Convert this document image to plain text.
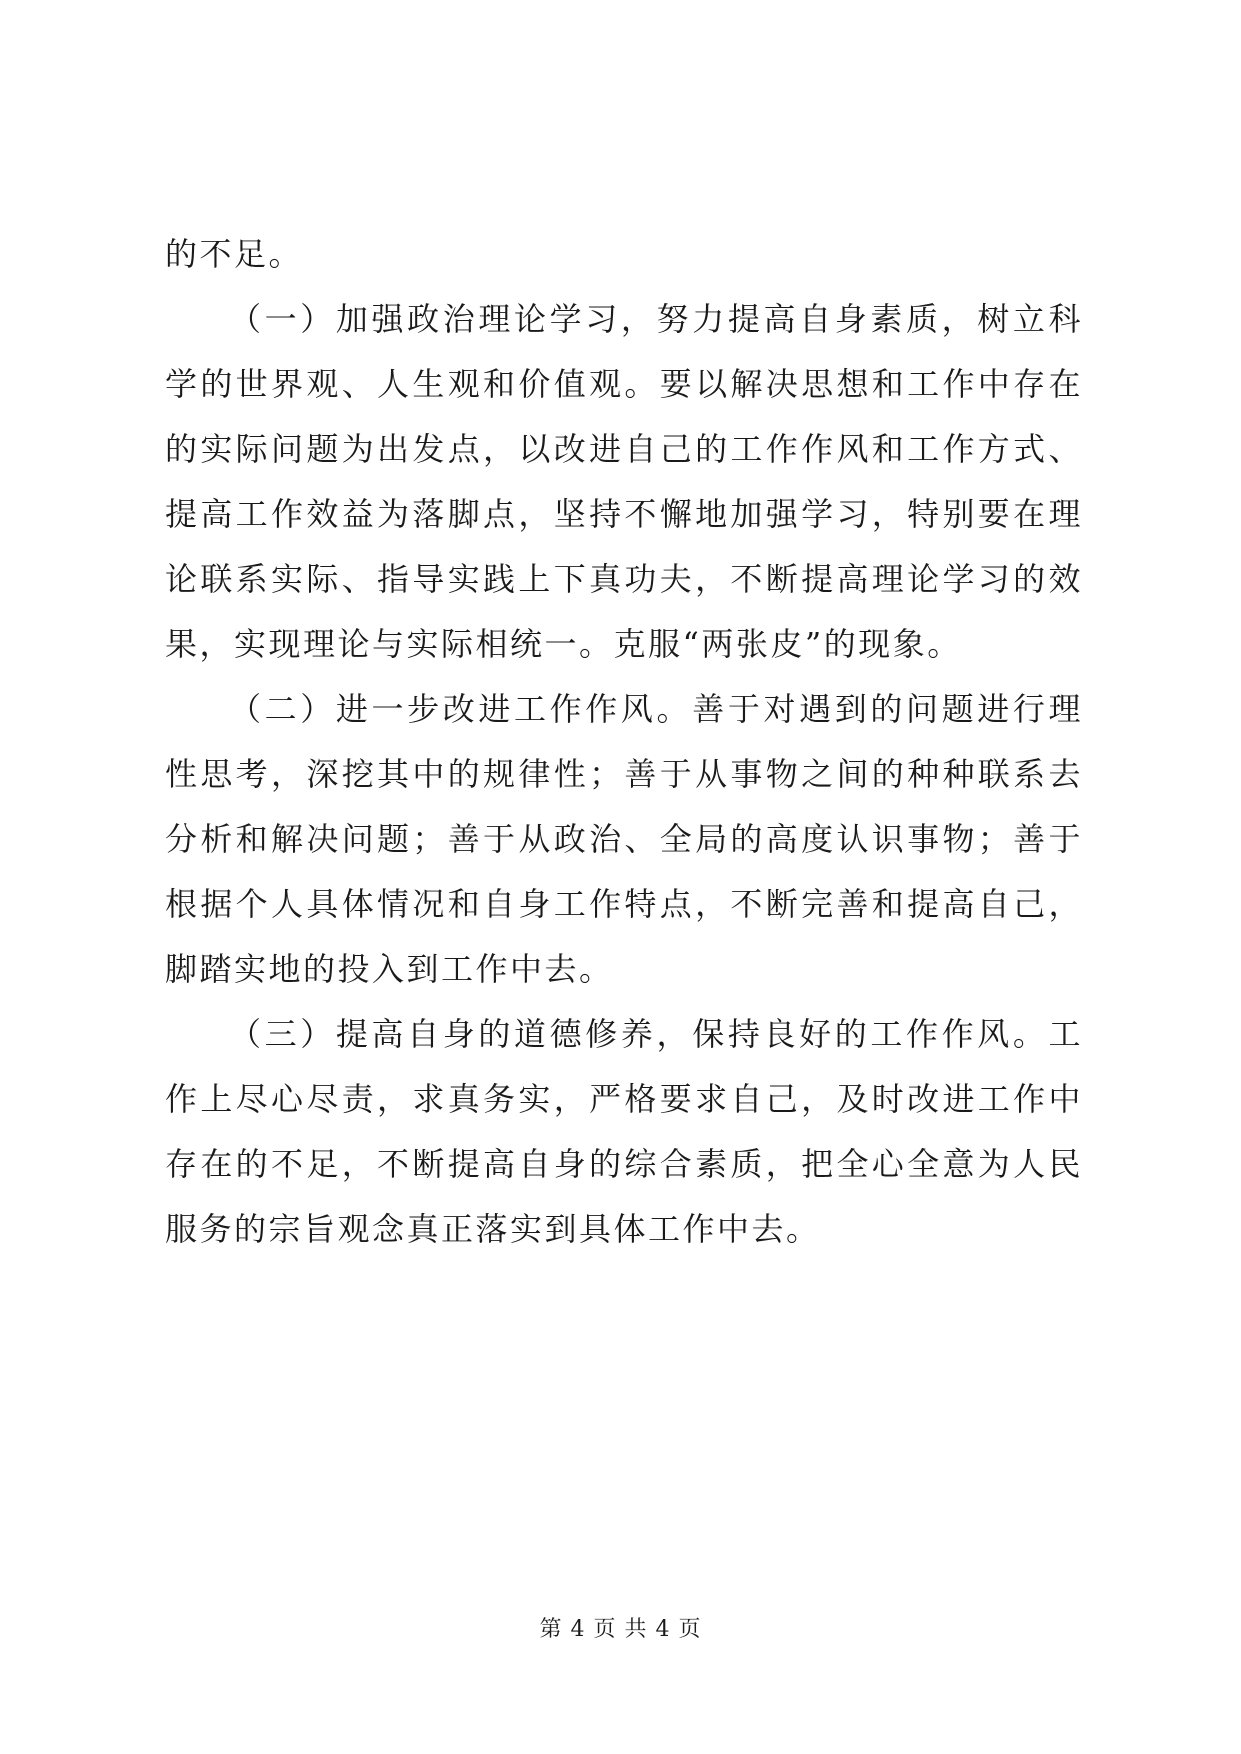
的不足。

（一）加强政治理论学习，努力提高自身素质，树立科学的世界观、人生观和价值观。要以解决思想和工作中存在的实际问题为出发点，以改进自己的工作作风和工作方式、提高工作效益为落脚点，坚持不懈地加强学习，特别要在理论联系实际、指导实践上下真功夫，不断提高理论学习的效果，实现理论与实际相统一。克服“两张皮”的现象。

（二）进一步改进工作作风。善于对遇到的问题进行理性思考，深挖其中的规律性；善于从事物之间的种种联系去分析和解决问题；善于从政治、全局的高度认识事物；善于根据个人具体情况和自身工作特点，不断完善和提高自己，脚踏实地的投入到工作中去。

（三）提高自身的道德修养，保持良好的工作作风。工作上尽心尽责，求真务实，严格要求自己，及时改进工作中存在的不足，不断提高自身的综合素质，把全心全意为人民服务的宗旨观念真正落实到具体工作中去。

第 4 页 共 4 页
